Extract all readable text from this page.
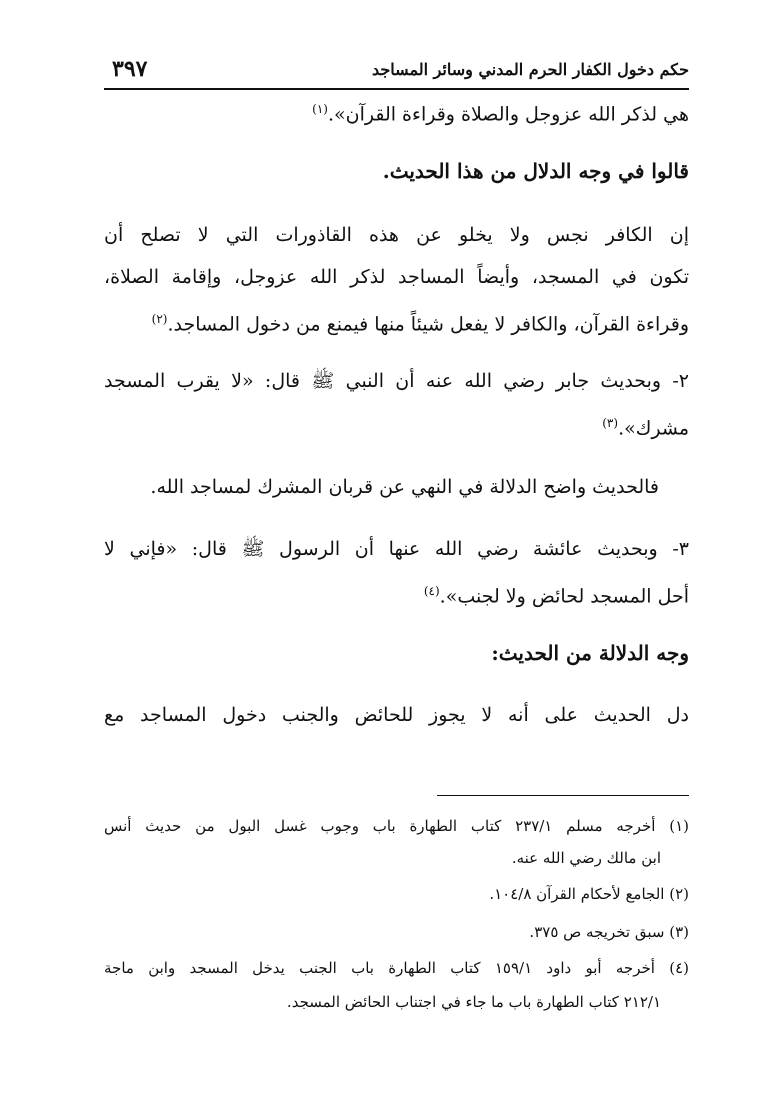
حكم دخول الكفار الحرم المدني وسائر المساجد
٣٩٧
هي لذكر الله عزوجل والصلاة وقراءة القرآن».$^{(١)}$
قالوا في وجه الدلال من هذا الحديث.
إن الكافر نجس ولا يخلو عن هذه القاذورات التي لا تصلح أن
تكون في المسجد، وأيضاً المساجد لذكر الله عزوجل، وإقامة الصلاة،
وقراءة القرآن، والكافر لا يفعل شيئاً منها فيمنع من دخول المساجد.$^{(٢)}$
٢- وبحديث جابر رضي الله عنه أن النبي ﷺ قال: «لا يقرب المسجد
مشرك».$^{(٣)}$
فالحديث واضح الدلالة في النهي عن قربان المشرك لمساجد الله.
٣- وبحديث عائشة رضي الله عنها أن الرسول ﷺ قال: «فإني لا
أحل المسجد لحائض ولا لجنب».$^{(٤)}$
وجه الدلالة من الحديث:
دل الحديث على أنه لا يجوز للحائض والجنب دخول المساجد مع
(١) أخرجه مسلم ٢٣٧/١ كتاب الطهارة باب وجوب غسل البول من حديث أنس
ابن مالك رضي الله عنه.
(٢) الجامع لأحكام القرآن ١٠٤/٨.
(٣) سبق تخريجه ص ٣٧٥.
(٤) أخرجه أبو داود ١٥٩/١ كتاب الطهارة باب الجنب يدخل المسجد وابن ماجة
٢١٢/١ كتاب الطهارة باب ما جاء في اجتناب الحائض المسجد.
